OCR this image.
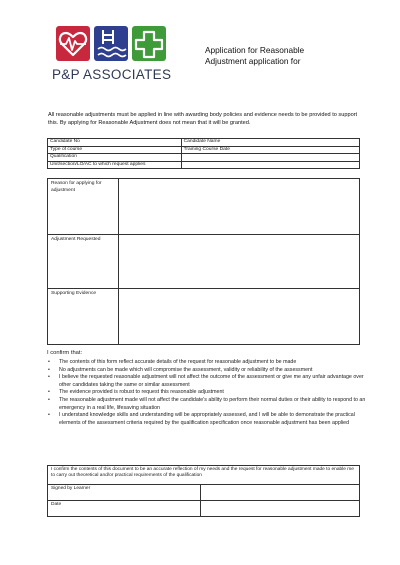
P&P ASSOCIATES
Application for Reasonable
Adjustment application for
All reasonable adjustments must be applied in line with awarding body policies and evidence needs to be provided to support this. By applying for Reasonable Adjustment does not mean that it will be granted.
Candidate No	Candidate Name
Type of course	Training Course Date
Qualification	
Unit/section/LO/AC to which request applies	
Reason for applying for adjustment	
Adjustment Requested	
Supporting Evidence	
I confirm that:
• The contents of this form reflect accurate details of the request for reasonable adjustment to be made
• No adjustments can be made which will compromise the assessment, validity or reliability of the assessment
• I believe the requested reasonable adjustment will not affect the outcome of the assessment or give me any unfair advantage over other candidates taking the same or similar assessment
• The evidence provided is robust to request this reasonable adjustment
• The reasonable adjustment made will not affect the candidate’s ability to perform their normal duties or their ability to respond to an emergency in a real life, lifesaving situation
• I understand knowledge skills and understanding will be appropriately assessed, and I will be able to demonstrate the practical elements of the assessment criteria required by the qualification specification once reasonable adjustment has been applied
I confirm the contents of this document to be an accurate reflection of my needs and the request for reasonable adjustment made to enable me to carry out theoretical and/or practical requirements of the qualification	
Signed by Learner	
Date	
